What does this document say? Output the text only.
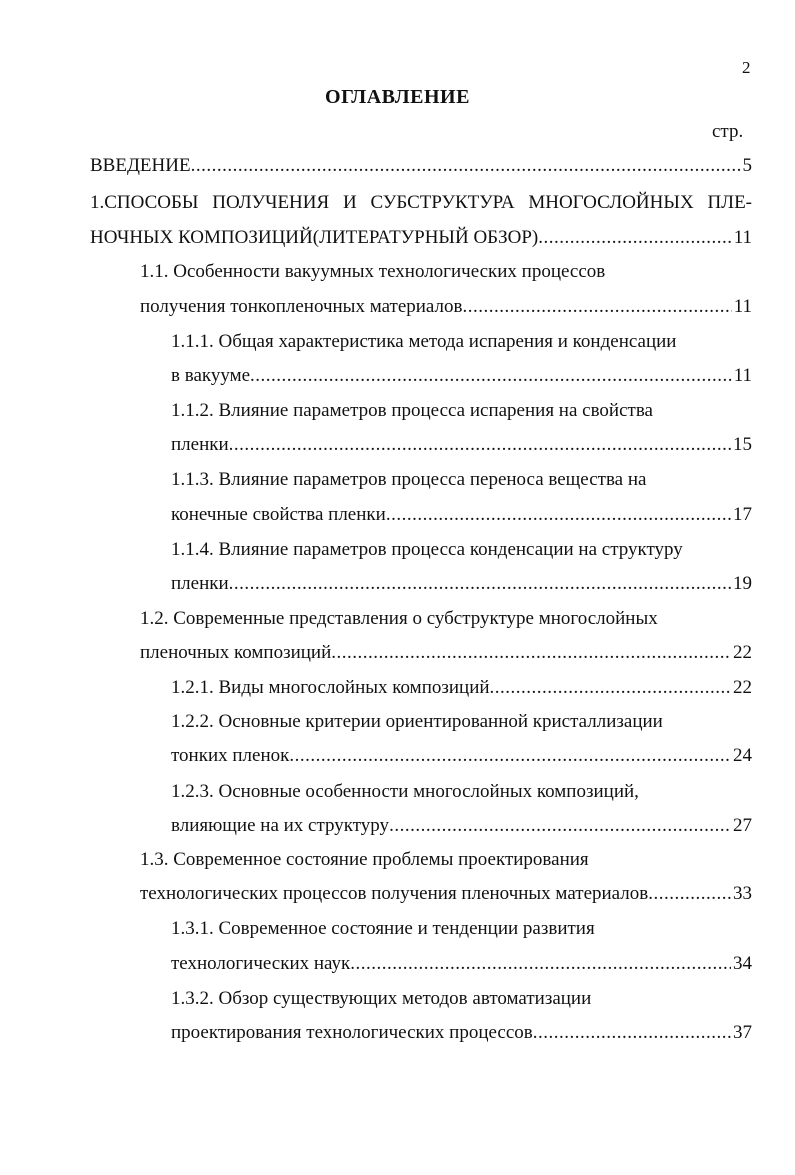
2
ОГЛАВЛЕНИЕ
стр.
ВВЕДЕНИЕ .....	5
1.СПОСОБЫ ПОЛУЧЕНИЯ И СУБСТРУКТУРА МНОГОСЛОЙНЫХ ПЛЕ-
НОЧНЫХ КОМПОЗИЦИЙ(ЛИТЕРАТУРНЫЙ ОБЗОР) .....	11
1.1. Особенности вакуумных технологических процессов
получения тонкопленочных материалов .....	11
1.1.1. Общая характеристика метода испарения и конденсации
в вакууме .....	11
1.1.2. Влияние параметров процесса испарения на свойства
пленки .....	15
1.1.3. Влияние параметров процесса переноса вещества на
конечные свойства пленки .....	17
1.1.4. Влияние параметров процесса конденсации на структуру
пленки .....	19
1.2. Современные представления о субструктуре многослойных
пленочных композиций .....	22
1.2.1. Виды многослойных композиций .....	22
1.2.2. Основные критерии ориентированной кристаллизации
тонких пленок .....	24
1.2.3. Основные особенности многослойных композиций,
влияющие на их структуру .....	27
1.3. Современное состояние проблемы проектирования
технологических процессов получения пленочных материалов .....	33
1.3.1. Современное состояние и тенденции развития
технологических наук .....	34
1.3.2. Обзор существующих методов автоматизации
проектирования технологических процессов .....	37
